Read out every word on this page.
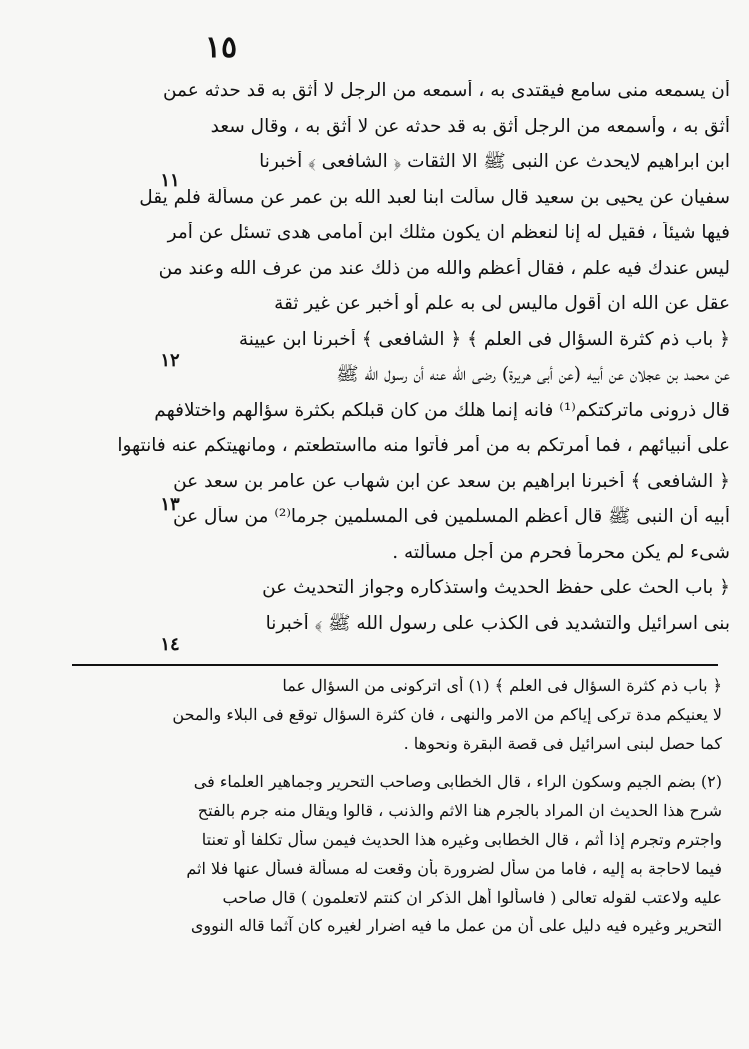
١٥
أن يسمعه منى سامع فيقتدى به ، أسمعه من الرجل لا أثق به قد حدثه عمن
أثق به ، وأسمعه من الرجل أثق به قد حدثه عن لا أثق به ، وقال سعد
ابن ابراهيم لايحدث عن النبى ﷺ الا الثقات ﴿ الشافعى ﴾ أخبرنا
سفيان عن يحيى بن سعيد قال سألت ابنا لعبد الله بن عمر عن مسألة فلم يقل
فيها شيئاً ، فقيل له إنا لنعظم ان يكون مثلك ابن أمامى هدى تسئل عن أمر
ليس عندك فيه علم ، فقال أعظم والله من ذلك عند من عرف الله وعند من
عقل عن الله ان أقول ماليس لى به علم أو أخبر عن غير ثقة
﴿ باب ذم كثرة السؤال فى العلم ﴾ ﴿ الشافعى ﴾ أخبرنا ابن عيينة
عن محمد بن عجلان عن أبيه (عن أبى هريرة) رضى الله عنه أن رسول الله ﷺ
قال ذرونى ماتركتكم⁽¹⁾ فانه إنما هلك من كان قبلكم بكثرة سؤالهم واختلافهم
على أنبيائهم ، فما أمرتكم به من أمر فأتوا منه مااستطعتم ، ومانهيتكم عنه فانتهوا
﴿ الشافعى ﴾ أخبرنا ابراهيم بن سعد عن ابن شهاب عن عامر بن سعد عن
أبيه أن النبى ﷺ قال أعظم المسلمين فى المسلمين جرما⁽²⁾ من سأل عن
شىء لم يكن محرماً فحرم من أجل مسألته .
﴿ باب الحث على حفظ الحديث واستذكاره وجواز التحديث عن
بنى اسرائيل والتشديد فى الكذب على رسول الله ﷺ ﴾ أخبرنا
١١
١٢
١٣
١٤
﴿ باب ذم كثرة السؤال فى العلم ﴾ (١) أى اتركونى من السؤال عما
لا يعنيكم مدة تركى إياكم من الامر والنهى ، فان كثرة السؤال توقع فى البلاء والمحن
كما حصل لبنى اسرائيل فى قصة البقرة ونحوها .
(٢) بضم الجيم وسكون الراء ، قال الخطابى وصاحب التحرير وجماهير العلماء فى
شرح هذا الحديث ان المراد بالجرم هنا الاثم والذنب ، قالوا ويقال منه جرم بالفتح
واجترم وتجرم إذا أثم ، قال الخطابى وغيره هذا الحديث فيمن سأل تكلفا أو تعنتا
فيما لاحاجة به إليه ، فاما من سأل لضرورة بأن وقعت له مسألة فسأل عنها فلا اثم
عليه ولاعتب لقوله تعالى ( فاسألوا أهل الذكر ان كنتم لاتعلمون ) قال صاحب
التحرير وغيره فيه دليل على أن من عمل ما فيه اضرار لغيره كان آثما قاله النووى
